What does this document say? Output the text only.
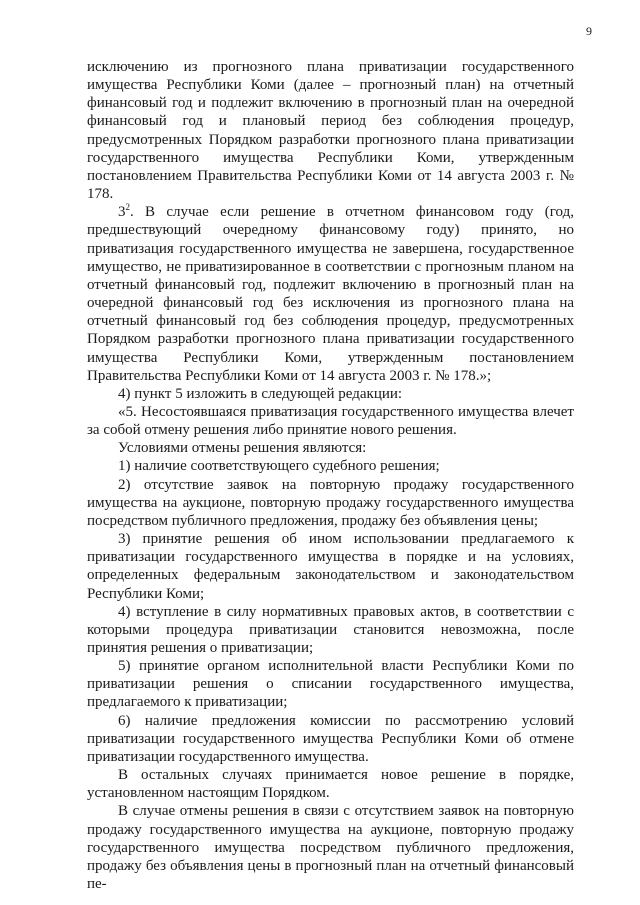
9

исключению из прогнозного плана приватизации государственного имущества Республики Коми (далее – прогнозный план) на отчетный финансовый год и подлежит включению в прогнозный план на очередной финансовый год и плановый период без соблюдения процедур, предусмотренных Порядком разработки прогнозного плана приватизации государственного имущества Республики Коми, утвержденным постановлением Правительства Республики Коми от 14 августа 2003 г. № 178.

$3^2$. В случае если решение в отчетном финансовом году (год, предшествующий очередному финансовому году) принято, но приватизация государственного имущества не завершена, государственное имущество, не приватизированное в соответствии с прогнозным планом на отчетный финансовый год, подлежит включению в прогнозный план на очередной финансовый год без исключения из прогнозного плана на отчетный финансовый год без соблюдения процедур, предусмотренных Порядком разработки прогнозного плана приватизации государственного имущества Республики Коми, утвержденным постановлением Правительства Республики Коми от 14 августа 2003 г. № 178.»;

4) пункт 5 изложить в следующей редакции:

«5. Несостоявшаяся приватизация государственного имущества влечет за собой отмену решения либо принятие нового решения.

Условиями отмены решения являются:

1) наличие соответствующего судебного решения;

2) отсутствие заявок на повторную продажу государственного имущества на аукционе, повторную продажу государственного имущества посредством публичного предложения, продажу без объявления цены;

3) принятие решения об ином использовании предлагаемого к приватизации государственного имущества в порядке и на условиях, определенных федеральным законодательством и законодательством Республики Коми;

4) вступление в силу нормативных правовых актов, в соответствии с которыми процедура приватизации становится невозможна, после принятия решения о приватизации;

5) принятие органом исполнительной власти Республики Коми по приватизации решения о списании государственного имущества, предлагаемого к приватизации;

6) наличие предложения комиссии по рассмотрению условий приватизации государственного имущества Республики Коми об отмене приватизации государственного имущества.

В остальных случаях принимается новое решение в порядке, установленном настоящим Порядком.

В случае отмены решения в связи с отсутствием заявок на повторную продажу государственного имущества на аукционе, повторную продажу государственного имущества посредством публичного предложения, продажу без объявления цены в прогнозный план на отчетный финансовый пе-
